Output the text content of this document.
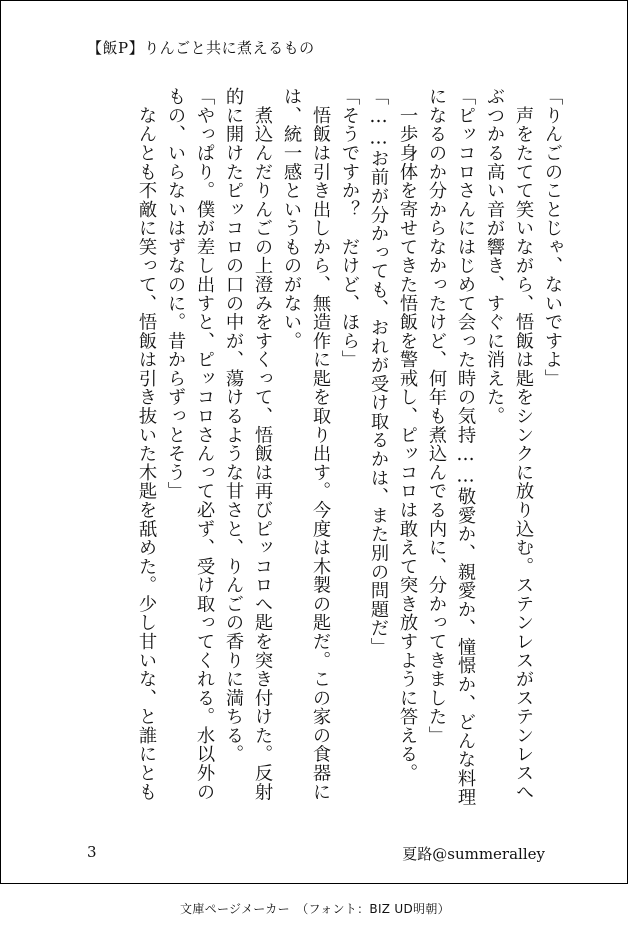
【飯P】りんごと共に煮えるもの
「りんごのことじゃ、ないですよ」
　声をたてて笑いながら、悟飯は匙をシンクに放り込む。ステンレスがステンレスへ
ぶつかる高い音が響き、すぐに消えた。
「ピッコロさんにはじめて会った時の気持……敬愛か、親愛か、憧憬か、どんな料理
になるのか分からなかったけど、何年も煮込んでる内に、分かってきました」
　一歩身体を寄せてきた悟飯を警戒し、ピッコロは敢えて突き放すように答える。
「……お前が分かっても、おれが受け取るかは、また別の問題だ」
「そうですか？　だけど、ほら」
　悟飯は引き出しから、無造作に匙を取り出す。今度は木製の匙だ。この家の食器に
は、統一感というものがない。
　煮込んだりんごの上澄みをすくって、悟飯は再びピッコロへ匙を突き付けた。反射
的に開けたピッコロの口の中が、蕩けるような甘さと、りんごの香りに満ちる。
「やっぱり。僕が差し出すと、ピッコロさんって必ず、受け取ってくれる。水以外の
もの、いらないはずなのに。昔からずっとそう」
　なんとも不敵に笑って、悟飯は引き抜いた木匙を舐めた。少し甘いな、と誰にとも
3	夏路@summeralley
文庫ページメーカー　（フォント：BIZ UD明朝）
